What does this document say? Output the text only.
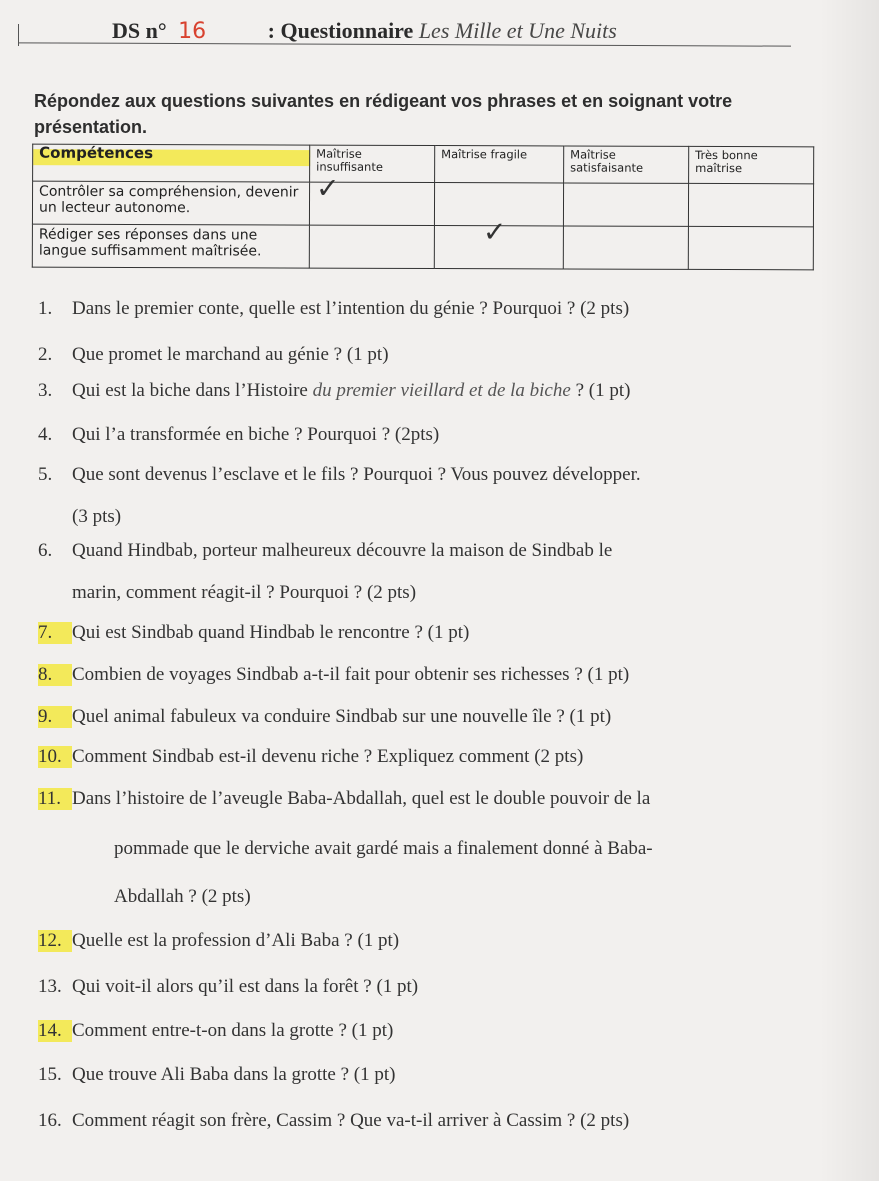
DS n° 16	: Questionnaire Les Mille et Une Nuits
Répondez aux questions suivantes en rédigeant vos phrases et en soignant votre présentation.
Compétences	Maîtrise insuffisante	Maîtrise fragile	Maîtrise satisfaisante	Très bonne maîtrise
Contrôler sa compréhension, devenir un lecteur autonome.	✓			

Rédiger ses réponses dans une langue suffisamment maîtrisée.		✓		

1. Dans le premier conte, quelle est l’intention du génie ? Pourquoi ? (2 pts)
2. Que promet le marchand au génie ? (1 pt)
3. Qui est la biche dans l’Histoire du premier vieillard et de la biche ? (1 pt)
4. Qui l’a transformée en biche ? Pourquoi ? (2pts)
5. Que sont devenus l’esclave et le fils ? Pourquoi ? Vous pouvez développer.
(3 pts)
6. Quand Hindbab, porteur malheureux découvre la maison de Sindbab le
marin, comment réagit-il ? Pourquoi ? (2 pts)
7. Qui est Sindbab quand Hindbab le rencontre ? (1 pt)
8. Combien de voyages Sindbab a-t-il fait pour obtenir ses richesses ? (1 pt)
9. Quel animal fabuleux va conduire Sindbab sur une nouvelle île ? (1 pt)
10. Comment Sindbab est-il devenu riche ? Expliquez comment (2 pts)
11. Dans l’histoire de l’aveugle Baba-Abdallah, quel est le double pouvoir de la
pommade que le derviche avait gardé mais a finalement donné à Baba-
Abdallah ? (2 pts)
12. Quelle est la profession d’Ali Baba ? (1 pt)
13. Qui voit-il alors qu’il est dans la forêt ? (1 pt)
14. Comment entre-t-on dans la grotte ? (1 pt)
15. Que trouve Ali Baba dans la grotte ? (1 pt)
16. Comment réagit son frère, Cassim ? Que va-t-il arriver à Cassim ? (2 pts)
